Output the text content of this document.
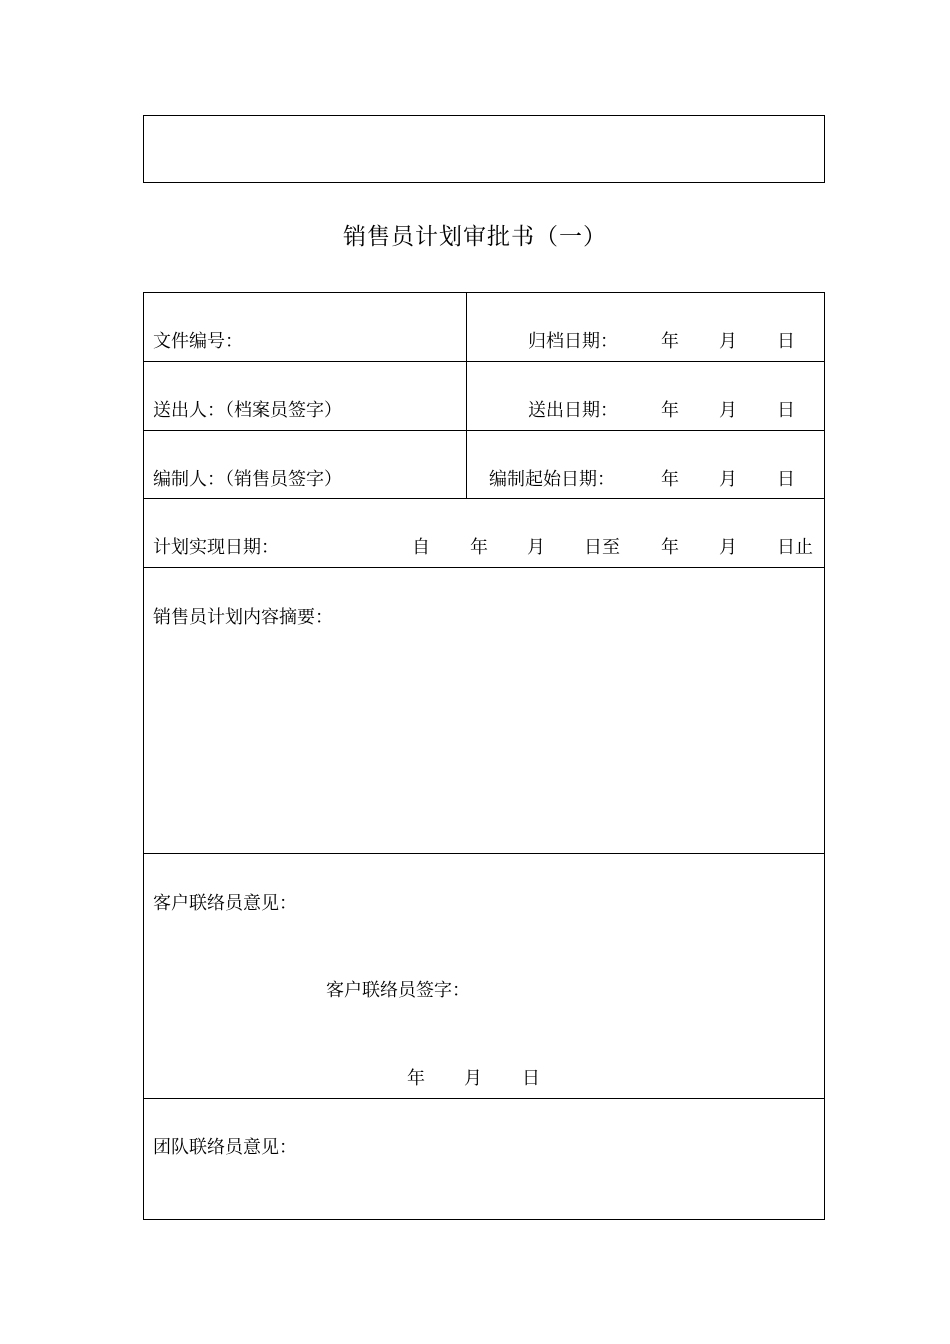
销售员计划审批书（一）
文件编号：	归档日期： 年 月 日
送出人：（档案员签字）	送出日期： 年 月 日
编制人：（销售员签字）	编制起始日期：	年 月 日
计划实现日期：	自 年 月 日至 年 月 日止
销售员计划内容摘要：
客户联络员意见：
客户联络员签字：
年 月 日
团队联络员意见：
